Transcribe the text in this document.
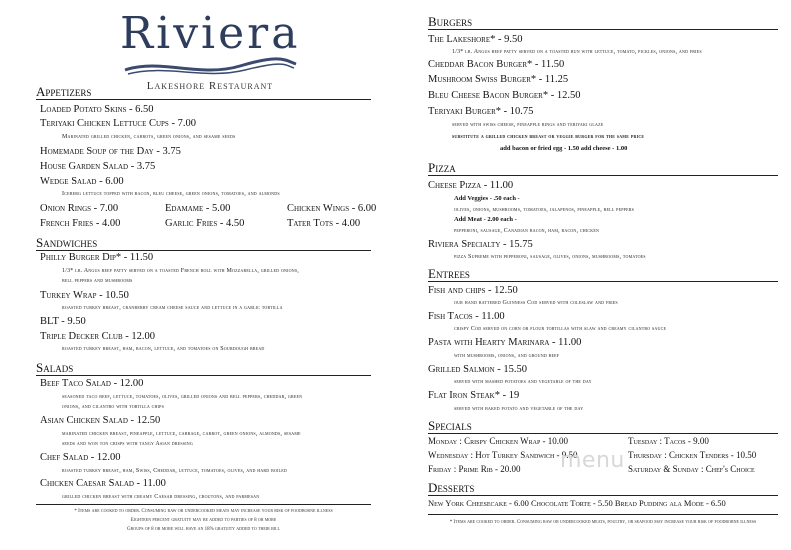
Riviera
Lakeshore Restaurant
Appetizers
Loaded Potato Skins - 6.50
Teriyaki Chicken Lettuce Cups - 7.00
Marinated grilled chicken, carrots, green onions, and sesame seeds
Homemade Soup of the Day - 3.75
House Garden Salad - 3.75
Wedge Salad - 6.00
Iceberg lettuce topped with bacon, bleu cheese, green onions, tomatoes, and almonds
Onion Rings - 7.00	Edamame - 5.00	Chicken Wings - 6.00
French Fries - 4.00	Garlic Fries - 4.50	Tater Tots - 4.00
Sandwiches
Philly Burger Dip* - 11.50
1/3* lb. Angus beef patty served on a toasted French roll with Mozzarella, grilled onions,
bell peppers and mushrooms
Turkey Wrap - 10.50
roasted turkey breast, cranberry cream cheese sauce and lettuce in a garlic tortilla
BLT - 9.50
Triple Decker Club - 12.00
roasted turkey breast, ham, bacon, lettuce, and tomatoes on Sourdough bread
Salads
Beef Taco Salad - 12.00
seasoned taco beef, lettuce, tomatoes, olives, grilled onions and bell peppers, cheddar, green
onions, and cilantro with tortilla chips
Asian Chicken Salad - 12.50
marinated chicken breast, pineapple, lettuce, cabbage, carrot, green onions, almonds, sesame
seeds and won ton crisps with tangy Asian dressing
Chef Salad - 12.00
roasted turkey breast, ham, Swiss, Cheddar, lettuce, tomatoes, olives, and hard boiled
Chicken Caesar Salad - 11.00
grilled chicken breast with creamy Caesar dressing, croutons, and parmesan
* Items are cooked to order. Consuming raw or undercooked meats may increase your risk of foodborne illness
Eighteen percent gratuity may be added to parties of 8 or more
Groups of 8 or more will have an 18% gratuity added to their bill
Burgers
The Lakeshore* - 9.50
1/3* lb. Angus beef patty served on a toasted bun with lettuce, tomato, pickles, onions, and fries
Cheddar Bacon Burger* - 11.50
Mushroom Swiss Burger* - 11.25
Bleu Cheese Bacon Burger* - 12.50
Teriyaki Burger* - 10.75
served with swiss cheese, pineapple rings and teriyaki glaze
substitute a grilled chicken breast or veggie burger for the same price
add bacon or fried egg - 1.50 add cheese - 1.00
Pizza
Cheese Pizza - 11.00
Add Veggies - .50 each -
olives, onions, mushrooms, tomatoes, jalapenos, pineapple, bell peppers
Add Meat - 2.00 each -
pepperoni, sausage, Canadian bacon, ham, bacon, chicken
Riviera Specialty - 15.75
pizza Supreme with pepperoni, sausage, olives, onions, mushrooms, tomatoes
Entrees
Fish and chips - 12.50
our hand battered Guinness Cod served with coleslaw and fries
Fish Tacos - 11.00
crispy Cod served on corn or flour tortillas with slaw and creamy cilantro sauce
Pasta with Hearty Marinara - 11.00
with mushrooms, onions, and ground beef
Grilled Salmon - 15.50
served with mashed potatoes and vegetable of the day
Flat Iron Steak* - 19
served with baked potato and vegetable of the day
Specials
Monday : Crispy Chicken Wrap - 10.00	Tuesday : Tacos - 9.00
Wednesday : Hot Turkey Sandwich - 9.50	Thursday : Chicken Tenders - 10.50
Friday : Prime Rib - 20.00	Saturday & Sunday : Chef's Choice
Desserts
New York Cheesecake - 6.00 Chocolate Torte - 5.50 Bread Pudding ala Mode - 6.50
* Items are cooked to order. Consuming raw or undercooked meats, poultry, or seafood may increase your risk of foodborne illness
menu
